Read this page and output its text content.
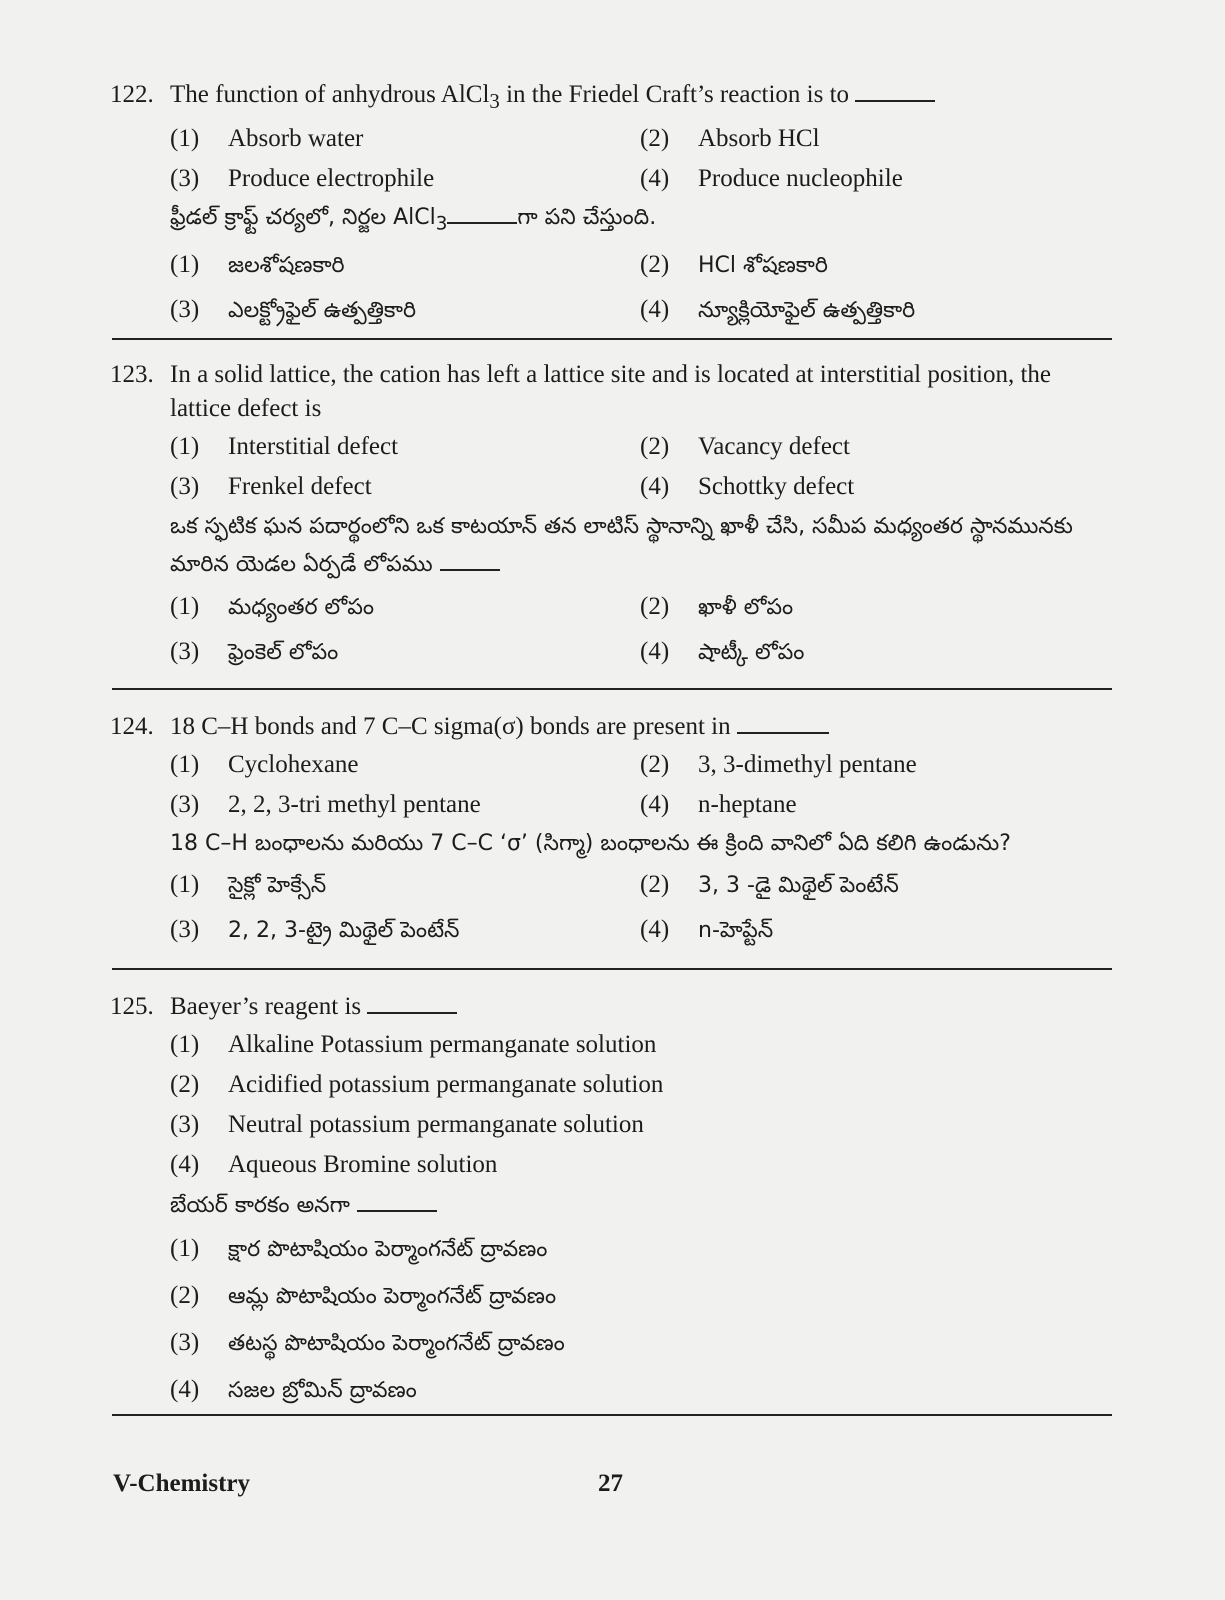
122. The function of anhydrous AlCl$_3$ in the Friedel Craft’s reaction is to
(1)	Absorb water	(2)	Absorb HCl
(3)	Produce electrophile	(4)	Produce nucleophile
ఫ్రీడల్ క్రాఫ్ట్ చర్యలో, నిర్జల AlCl$_3$	గా పని చేస్తుంది.
(1)	జలశోషణకారి	(2)	HCl శోషణకారి
(3)	ఎలక్ట్రోఫైల్ ఉత్పత్తికారి	(4)	న్యూక్లియోఫైల్ ఉత్పత్తికారి
123. In a solid lattice, the cation has left a lattice site and is located at interstitial position, the lattice defect is
(1)	Interstitial defect	(2)	Vacancy defect
(3)	Frenkel defect	(4)	Schottky defect
ఒక స్ఫటిక ఘన పదార్థంలోని ఒక కాటయాన్ తన లాటిస్ స్థానాన్ని ఖాళీ చేసి, సమీప మధ్యంతర స్థానమునకు మారిన యెడల ఏర్పడే లోపము
(1)	మధ్యంతర లోపం	(2)	ఖాళీ లోపం
(3)	ఫ్రెంకెల్ లోపం	(4)	షాట్కీ లోపం
124. 18 C–H bonds and 7 C–C sigma(σ) bonds are present in
(1)	Cyclohexane	(2)	3, 3-dimethyl pentane
(3)	2, 2, 3-tri methyl pentane	(4)	n-heptane
18 C–H బంధాలను మరియు 7 C–C ‘σ’ (సిగ్మా) బంధాలను ఈ క్రింది వానిలో ఏది కలిగి ఉండును?
(1)	సైక్లో హెక్సేన్	(2)	3, 3 -డై మిథైల్ పెంటేన్
(3)	2, 2, 3-ట్రై మిథైల్ పెంటేన్	(4)	n-హెప్టేన్
125. Baeyer’s reagent is
(1)	Alkaline Potassium permanganate solution
(2)	Acidified potassium permanganate solution
(3)	Neutral potassium permanganate solution
(4)	Aqueous Bromine solution
బేయర్ కారకం అనగా
(1)	క్షార పొటాషియం పెర్మాంగనేట్ ద్రావణం
(2)	ఆమ్ల పొటాషియం పెర్మాంగనేట్ ద్రావణం
(3)	తటస్థ పొటాషియం పెర్మాంగనేట్ ద్రావణం
(4)	సజల బ్రోమిన్ ద్రావణం
V-Chemistry	27
